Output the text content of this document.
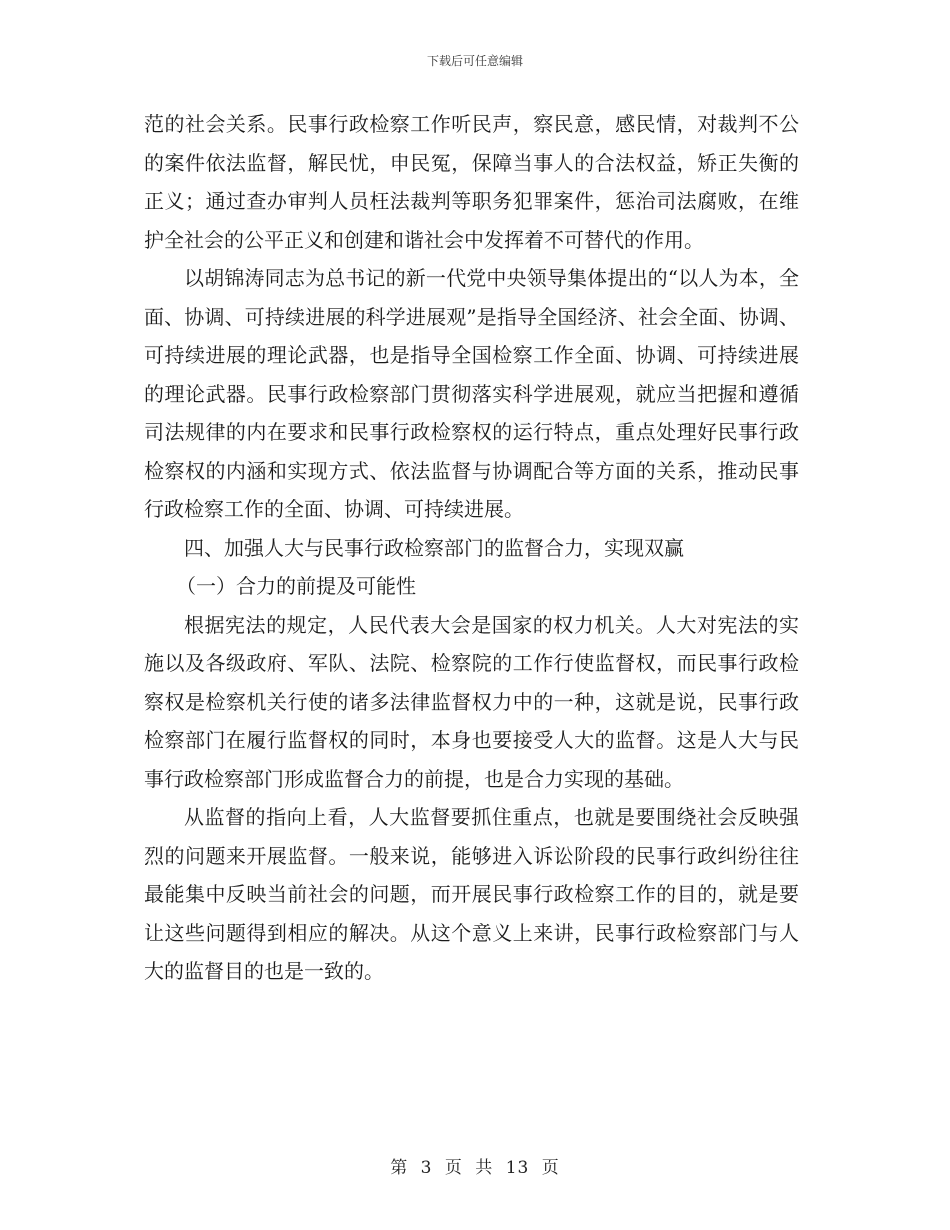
下载后可任意编辑

范的社会关系。民事行政检察工作听民声，察民意，感民情，对裁判不公的案件依法监督，解民忧，申民冤，保障当事人的合法权益，矫正失衡的正义；通过查办审判人员枉法裁判等职务犯罪案件，惩治司法腐败，在维护全社会的公平正义和创建和谐社会中发挥着不可替代的作用。

以胡锦涛同志为总书记的新一代党中央领导集体提出的“以人为本，全面、协调、可持续进展的科学进展观”是指导全国经济、社会全面、协调、可持续进展的理论武器，也是指导全国检察工作全面、协调、可持续进展的理论武器。民事行政检察部门贯彻落实科学进展观，就应当把握和遵循司法规律的内在要求和民事行政检察权的运行特点，重点处理好民事行政检察权的内涵和实现方式、依法监督与协调配合等方面的关系，推动民事行政检察工作的全面、协调、可持续进展。

四、加强人大与民事行政检察部门的监督合力，实现双赢

（一）合力的前提及可能性

根据宪法的规定，人民代表大会是国家的权力机关。人大对宪法的实施以及各级政府、军队、法院、检察院的工作行使监督权，而民事行政检察权是检察机关行使的诸多法律监督权力中的一种，这就是说，民事行政检察部门在履行监督权的同时，本身也要接受人大的监督。这是人大与民事行政检察部门形成监督合力的前提，也是合力实现的基础。

从监督的指向上看，人大监督要抓住重点，也就是要围绕社会反映强烈的问题来开展监督。一般来说，能够进入诉讼阶段的民事行政纠纷往往最能集中反映当前社会的问题，而开展民事行政检察工作的目的，就是要让这些问题得到相应的解决。从这个意义上来讲，民事行政检察部门与人大的监督目的也是一致的。

第 3 页 共 13 页
